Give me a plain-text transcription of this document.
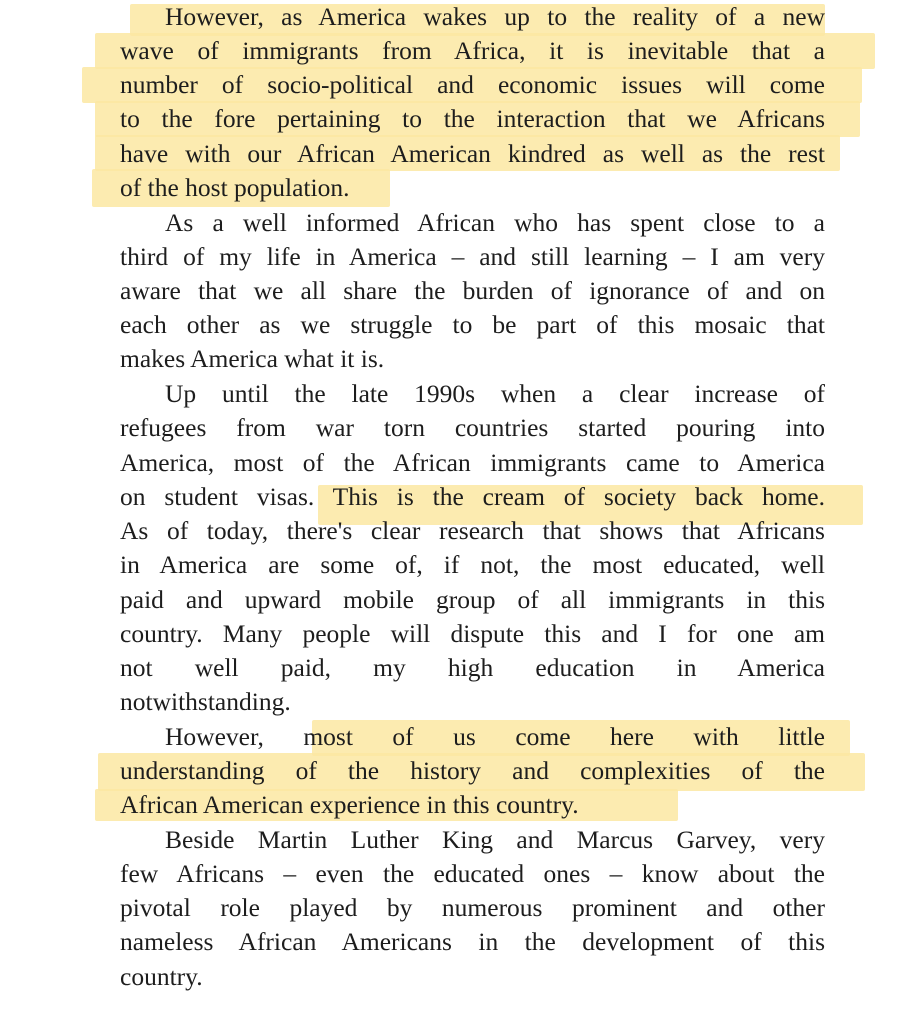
However, as America wakes up to the reality of a new
wave of immigrants from Africa, it is inevitable that a
number of socio-political and economic issues will come
to the fore pertaining to the interaction that we Africans
have with our African American kindred as well as the rest
of the host population.
As a well informed African who has spent close to a
third of my life in America – and still learning – I am very
aware that we all share the burden of ignorance of and on
each other as we struggle to be part of this mosaic that
makes America what it is.
Up until the late 1990s when a clear increase of
refugees from war torn countries started pouring into
America, most of the African immigrants came to America
on student visas. This is the cream of society back home.
As of today, there's clear research that shows that Africans
in America are some of, if not, the most educated, well
paid and upward mobile group of all immigrants in this
country. Many people will dispute this and I for one am
not well paid, my high education in America
notwithstanding.
However, most of us come here with little
understanding of the history and complexities of the
African American experience in this country.
Beside Martin Luther King and Marcus Garvey, very
few Africans – even the educated ones – know about the
pivotal role played by numerous prominent and other
nameless African Americans in the development of this
country.
